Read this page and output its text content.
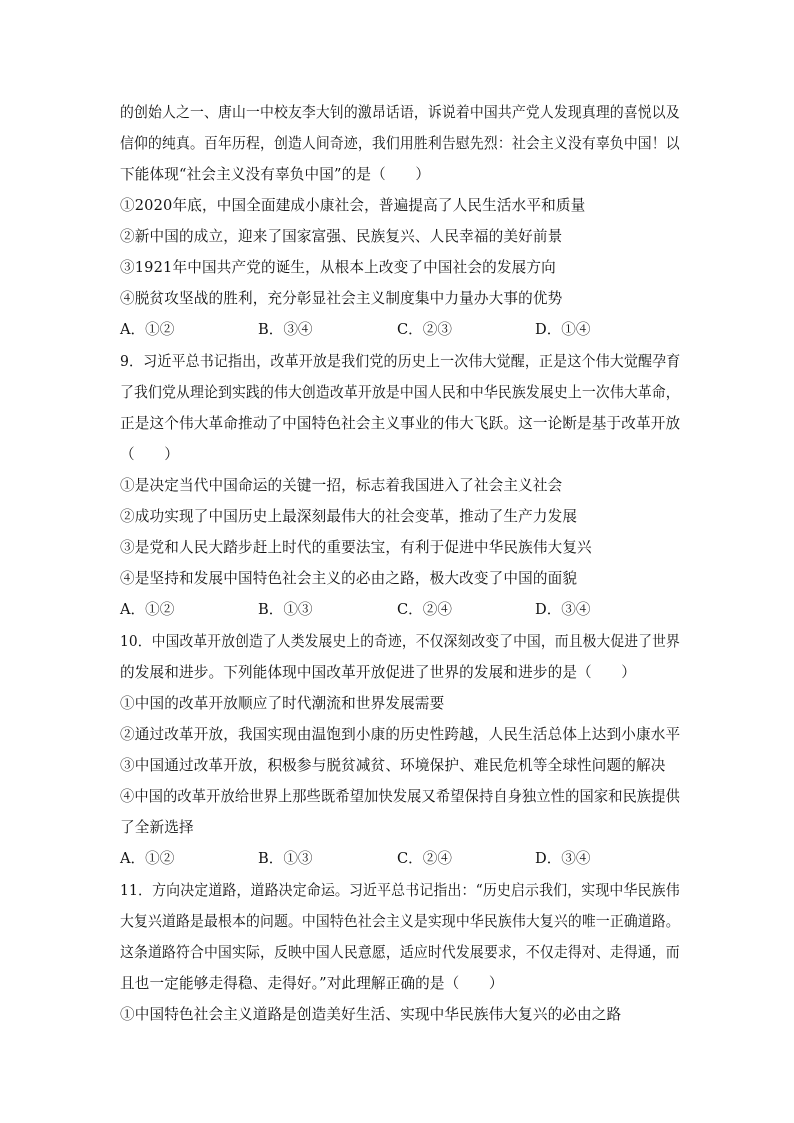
的创始人之一、唐山一中校友李大钊的激昂话语，诉说着中国共产党人发现真理的喜悦以及
信仰的纯真。百年历程，创造人间奇迹，我们用胜利告慰先烈：社会主义没有辜负中国！以
下能体现“社会主义没有辜负中国”的是（　　）
①2020年底，中国全面建成小康社会，普遍提高了人民生活水平和质量
②新中国的成立，迎来了国家富强、民族复兴、人民幸福的美好前景
③1921年中国共产党的诞生，从根本上改变了中国社会的发展方向
④脱贫攻坚战的胜利，充分彰显社会主义制度集中力量办大事的优势
A．①②	B．③④	C．②③	D．①④
9．习近平总书记指出，改革开放是我们党的历史上一次伟大觉醒，正是这个伟大觉醒孕育
了我们党从理论到实践的伟大创造改革开放是中国人民和中华民族发展史上一次伟大革命，
正是这个伟大革命推动了中国特色社会主义事业的伟大飞跃。这一论断是基于改革开放
（　　）
①是决定当代中国命运的关键一招，标志着我国进入了社会主义社会
②成功实现了中国历史上最深刻最伟大的社会变革，推动了生产力发展
③是党和人民大踏步赶上时代的重要法宝，有利于促进中华民族伟大复兴
④是坚持和发展中国特色社会主义的必由之路，极大改变了中国的面貌
A．①②	B．①③	C．②④	D．③④
10．中国改革开放创造了人类发展史上的奇迹，不仅深刻改变了中国，而且极大促进了世界
的发展和进步。下列能体现中国改革开放促进了世界的发展和进步的是（　　）
①中国的改革开放顺应了时代潮流和世界发展需要
②通过改革开放，我国实现由温饱到小康的历史性跨越，人民生活总体上达到小康水平
③中国通过改革开放，积极参与脱贫减贫、环境保护、难民危机等全球性问题的解决
④中国的改革开放给世界上那些既希望加快发展又希望保持自身独立性的国家和民族提供
了全新选择
A．①②	B．①③	C．②④	D．③④
11．方向决定道路，道路决定命运。习近平总书记指出：“历史启示我们，实现中华民族伟
大复兴道路是最根本的问题。中国特色社会主义是实现中华民族伟大复兴的唯一正确道路。
这条道路符合中国实际，反映中国人民意愿，适应时代发展要求，不仅走得对、走得通，而
且也一定能够走得稳、走得好。”对此理解正确的是（　　）
①中国特色社会主义道路是创造美好生活、实现中华民族伟大复兴的必由之路
